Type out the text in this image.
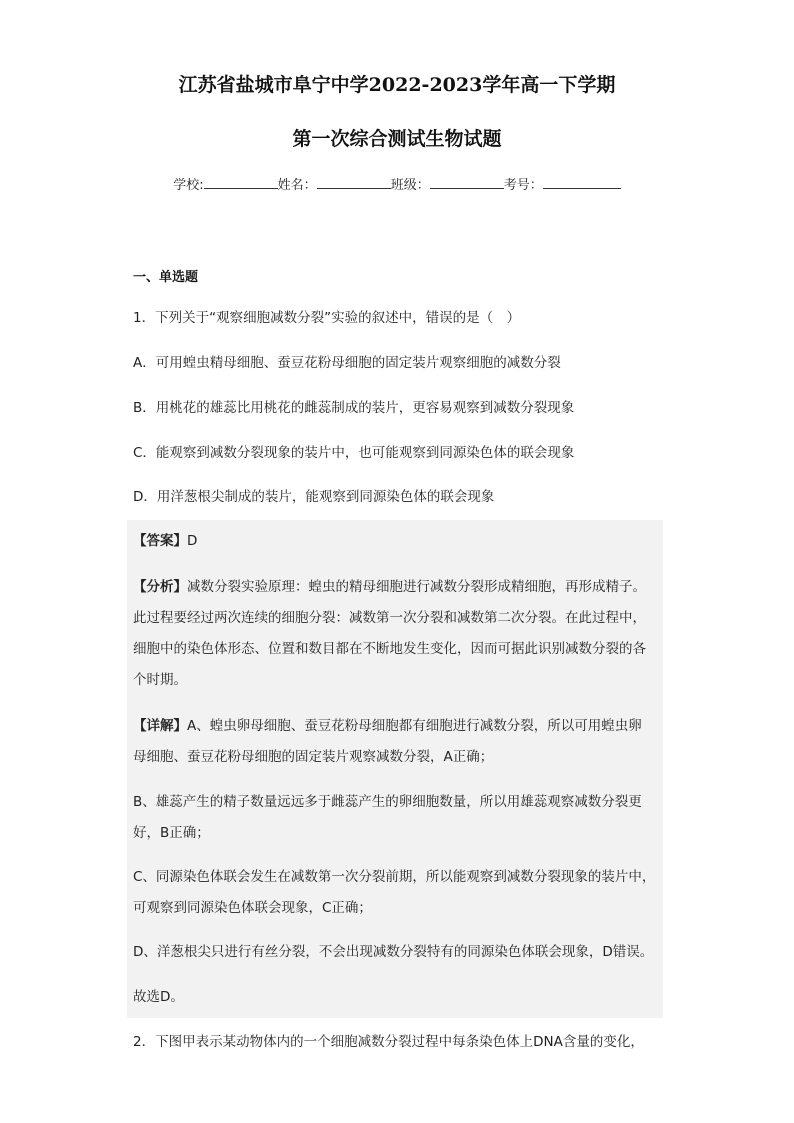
江苏省盐城市阜宁中学2022-2023学年高一下学期
第一次综合测试生物试题
学校:	姓名：	班级：	考号：
一、单选题
1．下列关于“观察细胞减数分裂”实验的叙述中，错误的是（　）
A．可用蝗虫精母细胞、蚕豆花粉母细胞的固定装片观察细胞的减数分裂
B．用桃花的雄蕊比用桃花的雌蕊制成的装片，更容易观察到减数分裂现象
C．能观察到减数分裂现象的装片中，也可能观察到同源染色体的联会现象
D．用洋葱根尖制成的装片，能观察到同源染色体的联会现象
【答案】D
【分析】减数分裂实验原理：蝗虫的精母细胞进行减数分裂形成精细胞，再形成精子。
此过程要经过两次连续的细胞分裂：减数第一次分裂和减数第二次分裂。在此过程中，
细胞中的染色体形态、位置和数目都在不断地发生变化，因而可据此识别减数分裂的各
个时期。
【详解】A、蝗虫卵母细胞、蚕豆花粉母细胞都有细胞进行减数分裂，所以可用蝗虫卵
母细胞、蚕豆花粉母细胞的固定装片观察减数分裂，A正确；
B、雄蕊产生的精子数量远远多于雌蕊产生的卵细胞数量，所以用雄蕊观察减数分裂更
好，B正确；
C、同源染色体联会发生在减数第一次分裂前期，所以能观察到减数分裂现象的装片中，
可观察到同源染色体联会现象，C正确；
D、洋葱根尖只进行有丝分裂，不会出现减数分裂特有的同源染色体联会现象，D错误。
故选D。
2．下图甲表示某动物体内的一个细胞减数分裂过程中每条染色体上DNA含量的变化，
